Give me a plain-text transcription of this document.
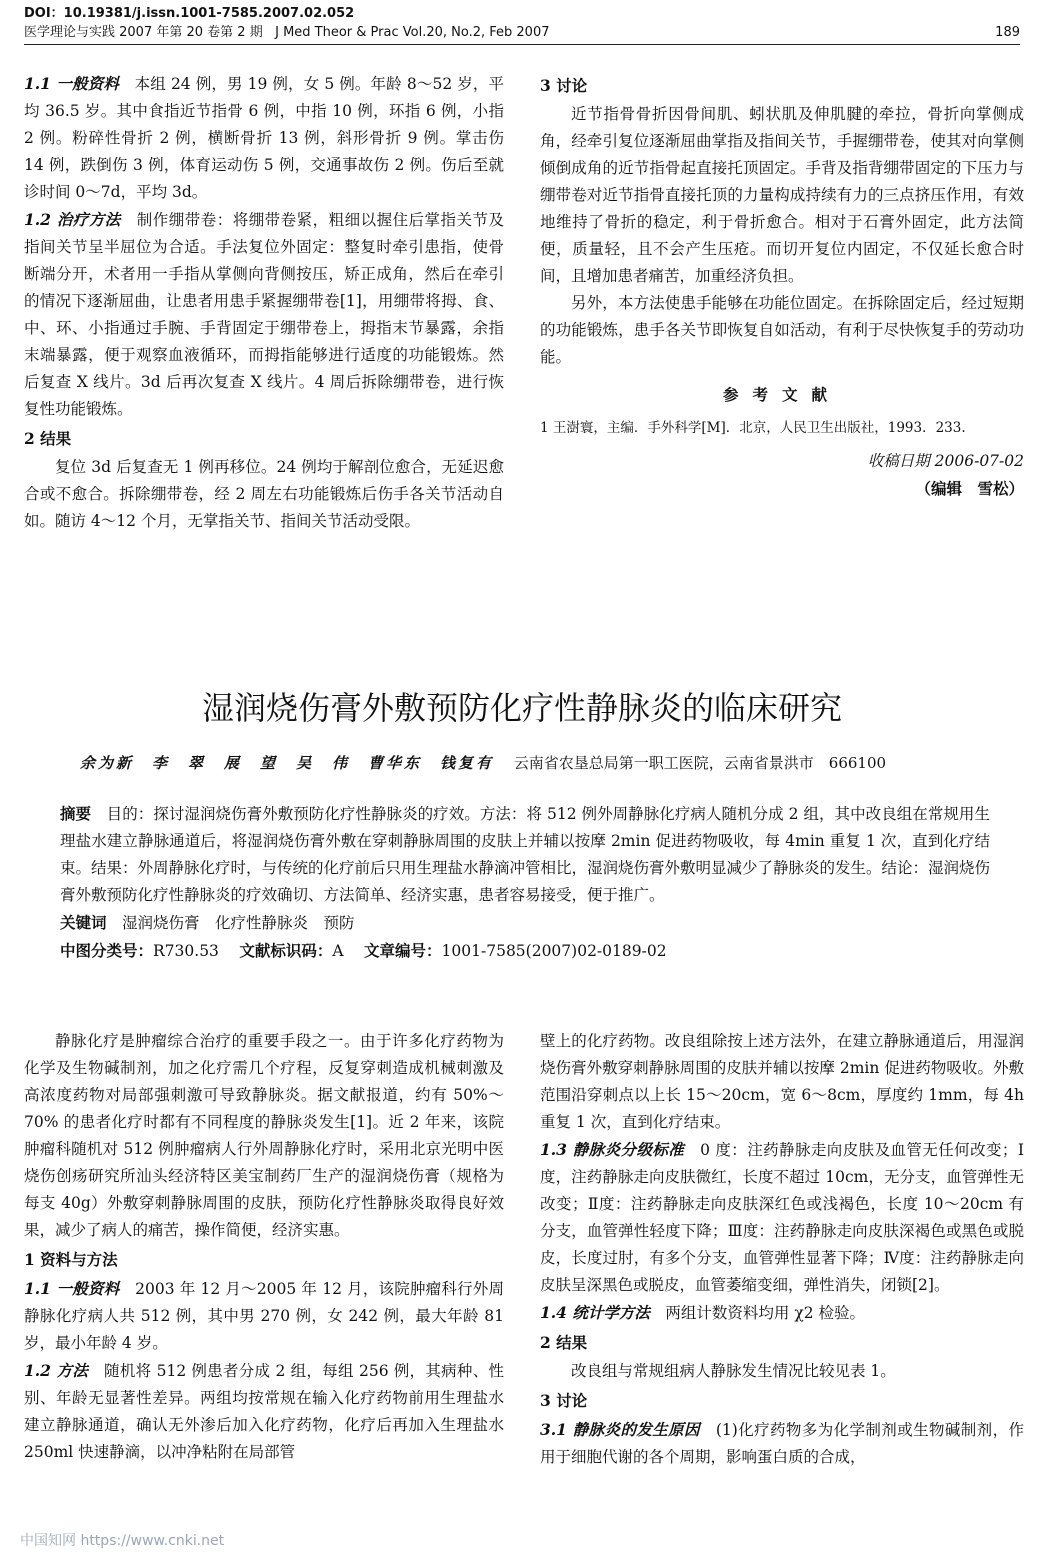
DOI：10.19381/j.issn.1001-7585.2007.02.052
医学理论与实践 2007 年第 20 卷第 2 期 J Med Theor & Prac Vol.20, No.2, Feb 2007	189

1.1 一般资料　 本组 24 例，男 19 例，女 5 例。年龄 8～52 岁，平均 36.5 岁。其中食指近节指骨 6 例，中指 10 例，环指 6 例，小指 2 例。粉碎性骨折 2 例，横断骨折 13 例，斜形骨折 9 例。掌击伤 14 例，跌倒伤 3 例，体育运动伤 5 例，交通事故伤 2 例。伤后至就诊时间 0～7d，平均 3d。

1.2 治疗方法　 制作绷带卷：将绷带卷紧，粗细以握住后掌指关节及指间关节呈半屈位为合适。手法复位外固定：整复时牵引患指，使骨断端分开，术者用一手指从掌侧向背侧按压，矫正成角，然后在牵引的情况下逐渐屈曲，让患者用患手紧握绷带卷[1]，用绷带将拇、食、中、环、小指通过手腕、手背固定于绷带卷上，拇指末节暴露，余指末端暴露，便于观察血液循环，而拇指能够进行适度的功能锻炼。然后复查 X 线片。3d 后再次复查 X 线片。4 周后拆除绷带卷，进行恢复性功能锻炼。

2 结果

复位 3d 后复查无 1 例再移位。24 例均于解剖位愈合，无延迟愈合或不愈合。拆除绷带卷，经 2 周左右功能锻炼后伤手各关节活动自如。随访 4～12 个月，无掌指关节、指间关节活动受限。

3 讨论

近节指骨骨折因骨间肌、蚓状肌及伸肌腱的牵拉，骨折向掌侧成角，经牵引复位逐渐屈曲掌指及指间关节，手握绷带卷，使其对向掌侧倾倒成角的近节指骨起直接托顶固定。手背及指背绷带固定的下压力与绷带卷对近节指骨直接托顶的力量构成持续有力的三点挤压作用，有效地维持了骨折的稳定，利于骨折愈合。相对于石膏外固定，此方法简便，质量轻，且不会产生压疮。而切开复位内固定，不仅延长愈合时间，且增加患者痛苦，加重经济负担。

另外，本方法使患手能够在功能位固定。在拆除固定后，经过短期的功能锻炼，患手各关节即恢复自如活动，有利于尽快恢复手的劳动功能。

参考文献

1 王澍寰，主编．手外科学[M]．北京，人民卫生出版社，1993．233.

收稿日期 2006-07-02

（编辑　雪松）

湿润烧伤膏外敷预防化疗性静脉炎的临床研究
余为新　李　翠　展　望　吴　伟　曹华东　钱复有　 云南省农垦总局第一职工医院，云南省景洪市　666100

摘要　 目的：探讨湿润烧伤膏外敷预防化疗性静脉炎的疗效。方法：将 512 例外周静脉化疗病人随机分成 2 组，其中改良组在常规用生理盐水建立静脉通道后，将湿润烧伤膏外敷在穿刺静脉周围的皮肤上并辅以按摩 2min 促进药物吸收，每 4min 重复 1 次，直到化疗结束。结果：外周静脉化疗时，与传统的化疗前后只用生理盐水静滴冲管相比，湿润烧伤膏外敷明显减少了静脉炎的发生。结论：湿润烧伤膏外敷预防化疗性静脉炎的疗效确切、方法简单、经济实惠，患者容易接受，便于推广。

关键词　 湿润烧伤膏　化疗性静脉炎　预防

中图分类号：R730.53　 文献标识码：A　 文章编号：1001-7585(2007)02-0189-02

静脉化疗是肿瘤综合治疗的重要手段之一。由于许多化疗药物为化学及生物碱制剂，加之化疗需几个疗程，反复穿刺造成机械刺激及高浓度药物对局部强刺激可导致静脉炎。据文献报道，约有 50%～70% 的患者化疗时都有不同程度的静脉炎发生[1]。近 2 年来，该院肿瘤科随机对 512 例肿瘤病人行外周静脉化疗时，采用北京光明中医烧伤创疡研究所汕头经济特区美宝制药厂生产的湿润烧伤膏（规格为每支 40g）外敷穿刺静脉周围的皮肤，预防化疗性静脉炎取得良好效果，减少了病人的痛苦，操作简便，经济实惠。

1 资料与方法

1.1 一般资料　 2003 年 12 月～2005 年 12 月，该院肿瘤科行外周静脉化疗病人共 512 例，其中男 270 例，女 242 例，最大年龄 81 岁，最小年龄 4 岁。

1.2 方法　 随机将 512 例患者分成 2 组，每组 256 例，其病种、性别、年龄无显著性差异。两组均按常规在输入化疗药物前用生理盐水建立静脉通道，确认无外渗后加入化疗药物，化疗后再加入生理盐水 250ml 快速静滴，以冲净粘附在局部管

壁上的化疗药物。改良组除按上述方法外，在建立静脉通道后，用湿润烧伤膏外敷穿刺静脉周围的皮肤并辅以按摩 2min 促进药物吸收。外敷范围沿穿刺点以上长 15～20cm，宽 6～8cm，厚度约 1mm，每 4h 重复 1 次，直到化疗结束。

1.3 静脉炎分级标准　 0 度：注药静脉走向皮肤及血管无任何改变；Ⅰ度，注药静脉走向皮肤微红，长度不超过 10cm，无分支，血管弹性无改变；Ⅱ度：注药静脉走向皮肤深红色或浅褐色，长度 10～20cm 有分支，血管弹性轻度下降；Ⅲ度：注药静脉走向皮肤深褐色或黑色或脱皮，长度过肘，有多个分支，血管弹性显著下降；Ⅳ度：注药静脉走向皮肤呈深黑色或脱皮，血管萎缩变细，弹性消失，闭锁[2]。

1.4 统计学方法　 两组计数资料均用 χ2 检验。

2 结果

改良组与常规组病人静脉发生情况比较见表 1。

3 讨论

3.1 静脉炎的发生原因　 (1)化疗药物多为化学制剂或生物碱制剂，作用于细胞代谢的各个周期，影响蛋白质的合成，

中国知网 https://www.cnki.net
